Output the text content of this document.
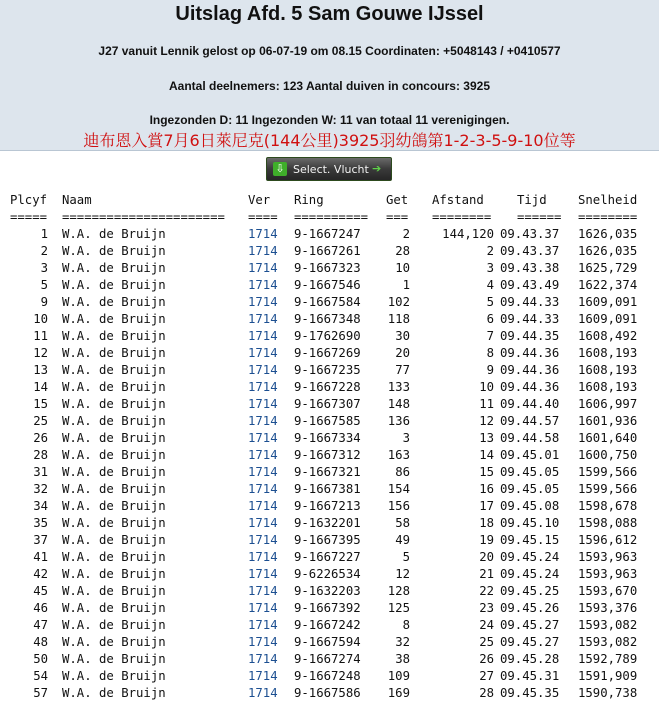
Uitslag Afd. 5 Sam Gouwe IJssel
J27 vanuit Lennik gelost op 06-07-19 om 08.15 Coordinaten: +5048143 / +0410577
Aantal deelnemers: 123 Aantal duiven in concours: 3925
Ingezonden D: 11 Ingezonden W: 11 van totaal 11 verenigingen.
迪布恩入賞7月6日萊尼克(144公里)3925羽幼鴿第1-2-3-5-9-10位等
⇩ Select. Vlucht ➔
Plcyf Naam	Ver Ring	Get Afstand	Tijd	Snelheid
===== ====================== ==== ========== === ======== ====== ========
1 W.A. de Bruijn	1714 9-1667247	2	144,120 09.43.37 1626,035
2 W.A. de Bruijn	1714 9-1667261	28	2 09.43.37 1626,035
3 W.A. de Bruijn	1714 9-1667323	10	3 09.43.38 1625,729
5 W.A. de Bruijn	1714 9-1667546	1	4 09.43.49 1622,374
9 W.A. de Bruijn	1714 9-1667584	102	5 09.44.33 1609,091
10 W.A. de Bruijn	1714 9-1667348	118	6 09.44.33 1609,091
11 W.A. de Bruijn	1714 9-1762690	30	7 09.44.35 1608,492
12 W.A. de Bruijn	1714 9-1667269	20	8 09.44.36 1608,193
13 W.A. de Bruijn	1714 9-1667235	77	9 09.44.36 1608,193
14 W.A. de Bruijn	1714 9-1667228	133	10 09.44.36 1608,193
15 W.A. de Bruijn	1714 9-1667307	148	11 09.44.40 1606,997
25 W.A. de Bruijn	1714 9-1667585	136	12 09.44.57 1601,936
26 W.A. de Bruijn	1714 9-1667334	3	13 09.44.58 1601,640
28 W.A. de Bruijn	1714 9-1667312	163	14 09.45.01 1600,750
31 W.A. de Bruijn	1714 9-1667321	86	15 09.45.05 1599,566
32 W.A. de Bruijn	1714 9-1667381	154	16 09.45.05 1599,566
34 W.A. de Bruijn	1714 9-1667213	156	17 09.45.08 1598,678
35 W.A. de Bruijn	1714 9-1632201	58	18 09.45.10 1598,088
37 W.A. de Bruijn	1714 9-1667395	49	19 09.45.15 1596,612
41 W.A. de Bruijn	1714 9-1667227	5	20 09.45.24 1593,963
42 W.A. de Bruijn	1714 9-6226534	12	21 09.45.24 1593,963
45 W.A. de Bruijn	1714 9-1632203	128	22 09.45.25 1593,670
46 W.A. de Bruijn	1714 9-1667392	125	23 09.45.26 1593,376
47 W.A. de Bruijn	1714 9-1667242	8	24 09.45.27 1593,082
48 W.A. de Bruijn	1714 9-1667594	32	25 09.45.27 1593,082
50 W.A. de Bruijn	1714 9-1667274	38	26 09.45.28 1592,789
54 W.A. de Bruijn	1714 9-1667248	109	27 09.45.31 1591,909
57 W.A. de Bruijn	1714 9-1667586	169	28 09.45.35 1590,738
